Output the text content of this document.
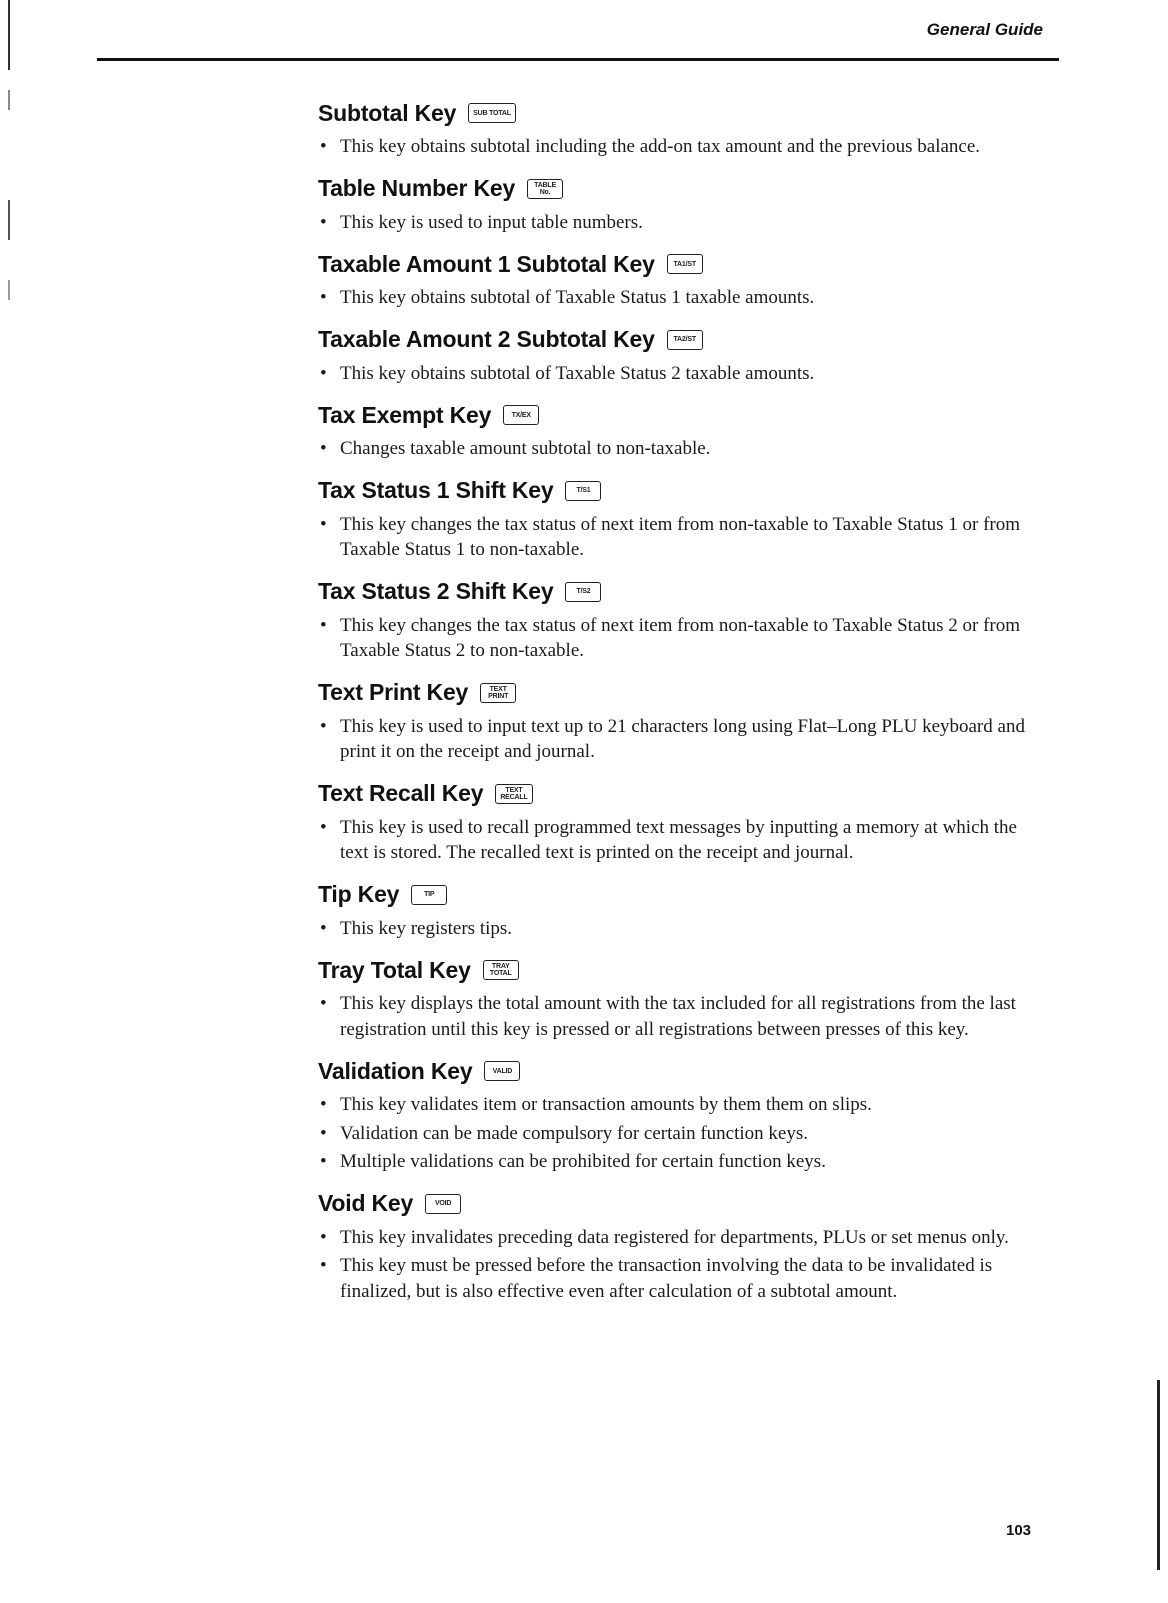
General Guide
Subtotal Key	SUB TOTAL
• This key obtains subtotal including the add-on tax amount and the previous balance.
Table Number Key	TABLE
No.
• This key is used to input table numbers.
Taxable Amount 1 Subtotal Key	TA1/ST
• This key obtains subtotal of Taxable Status 1 taxable amounts.
Taxable Amount 2 Subtotal Key	TA2/ST
• This key obtains subtotal of Taxable Status 2 taxable amounts.
Tax Exempt Key	TX/EX
• Changes taxable amount subtotal to non-taxable.
Tax Status 1 Shift Key	T/S1
• This key changes the tax status of next item from non-taxable to Taxable Status 1 or from Taxable Status 1 to non-taxable.
Tax Status 2 Shift Key	T/S2
• This key changes the tax status of next item from non-taxable to Taxable Status 2 or from Taxable Status 2 to non-taxable.
Text Print Key	TEXT
PRINT
• This key is used to input text up to 21 characters long using Flat–Long PLU keyboard and print it on the receipt and journal.
Text Recall Key	TEXT
RECALL
• This key is used to recall programmed text messages by inputting a memory at which the text is stored. The recalled text is printed on the receipt and journal.
Tip Key	TIP
• This key registers tips.
Tray Total Key	TRAY
TOTAL
• This key displays the total amount with the tax included for all registrations from the last registration until this key is pressed or all registrations between presses of this key.
Validation Key	VALID
• This key validates item or transaction amounts by them them on slips.
• Validation can be made compulsory for certain function keys.
• Multiple validations can be prohibited for certain function keys.
Void Key	VOID
• This key invalidates preceding data registered for departments, PLUs or set menus only.
• This key must be pressed before the transaction involving the data to be invalidated is finalized, but is also effective even after calculation of a subtotal amount.
103
